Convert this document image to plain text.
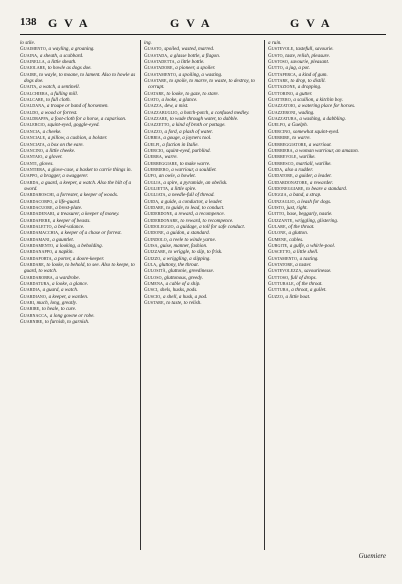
138 G V A	G V A	G V A

lo stile.

Guaimento, a wayling, a groaning.

Guaina, a sheath, a scabbard.

Guainella, a little sheath.

Guaiolare, to howle as dogs doe.

Guaire, to wayle, to moane, to lament. Also to howle as dogs doe.

Guaita, a watch, a sentinell.

Gualchiera, a fulling mill.

Gualcare, to full cloth.

Gualdana, a troupe or band of horsemen.

Gualdo, a wood or forrest.

Gualdrappa, a foot-cloth for a horse, a caparison.

Gualercio, squint-eyed, goggle-eyed.

Guancia, a cheeke.

Guanciale, a pillow, a cushion, a bolster.

Guanciata, a box on the eare.

Guancino, a little cheeke.

Guantaio, a glover.

Guanti, gloves.

Guantiera, a glove-case, a basket to carrie things in.

Guappo, a bragger, a swaggerer.

Guarda, a guard, a keeper, a watch. Also the hilt of a sword.

Guardaboschi, a forrester, a keeper of woods.

Guardacorpo, a life-guard.

Guardacuore, a brest-plate.

Guardadenari, a treasurer, a keeper of money.

Guardafiere, a keeper of beasts.

Guardaletto, a bed-valance.

Guardamacchia, a keeper of a chase or forrest.

Guardamani, a gauntlet.

Guardamento, a looking, a beholding.

Guardanappo, a napkin.

Guardaporta, a porter, a doore-keeper.

Guardare, to looke, to behold, to see. Also to keepe, to guard, to watch.

Guardarobba, a wardrobe.

Guardatura, a looke, a glance.

Guardia, a guard, a watch.

Guardiano, a keeper, a warden.

Guari, much, long, greatly.

Guarire, to heale, to cure.

Guarnacca, a long gowne or robe.

Guarnire, to furnish, to garnish.

ing.

Guasto, spoiled, wasted, marred.

Guastada, a glasse bottle, a flagon.

Guastadetta, a little bottle.

Guastadore, a pioneer, a spoiler.

Guastamento, a spoiling, a wasting.

Guastare, to spoile, to marre, to waste, to destroy, to corrupt.

Guatare, to looke, to gaze, to stare.

Guato, a looke, a glance.

Guazza, dew, a mist.

Guazzabuglio, a hotch-potch, a confused medley.

Guazzare, to wade through water, to dabble.

Guazzetto, a kind of broth or pottage.

Guazzo, a ford, a plash of water.

Gubbia, a gouge, a joyners tool.

Guelfi, a faction in Italie.

Guercio, squint-eyed, purblind.

Guerra, warre.

Guerreggiare, to make warre.

Guerriero, a warriour, a souldier.

Gufo, an owle, a howlet.

Guglia, a spire, a pyramide, an obelisk.

Guglietta, a little spire.

Gugliata, a needle-full of thread.

Guida, a guide, a conductor, a leader.

Guidare, to guide, to lead, to conduct.

Guiderdone, a reward, a recompence.

Guiderdonare, to reward, to recompence.

Guidoleggio, a guidage, a toll for safe conduct.

Guidone, a guidon, a standard.

Guindolo, a reele to winde yarne.

Guisa, guise, manner, fashion.

Guizzare, to wriggle, to slip, to frisk.

Guizzo, a wriggling, a slipping.

Gula, gluttony, the throat.

Gulosità, gluttonie, greedinesse.

Guloso, gluttonous, greedy.

Gumena, a cable of a ship.

Gusci, shels, husks, pods.

Guscio, a shell, a husk, a pod.

Gustare, to taste, to relish.

a ruin.

Gustevole, tastefull, savourie.

Gusto, taste, relish, pleasure.

Gustoso, savourie, pleasant.

Gutto, a jug, a pot.

Guttaperca, a kind of gum.

Guttare, to drop, to distill.

Guttazione, a dropping.

Guttorino, a gutter.

Guattero, a scullion, a kitchin boy.

Guazzatoio, a watering place for horses.

Guazzeroni, wading.

Guazzatura, a washing, a dabbling.

Guelfo, a Guelph.

Guercino, somewhat squint-eyed.

Guerrire, to warre.

Guerreggiatore, a warriour.

Guerriera, a woman warriour, an amazon.

Guerrevole, warlike.

Guerresco, martiall, warlike.

Guida, also a rudder.

Guidatore, a guider, a leader.

Guidardonatore, a rewarder.

Guidoneggiare, to beare a standard.

Guiggia, a band, a strap.

Guinzaglio, a leash for dogs.

Guisto, just, right.

Guitto, base, beggarly, nastie.

Guizzante, wriggling, glistering.

Gulare, of the throat.

Gulone, a glutton.

Gumene, cables.

Gurgite, a gulfe, a whirle-pool.

Guscetto, a little shell.

Gustamento, a tasting.

Gustatore, a taster.

Gustevolezza, savourinesse.

Guttoso, full of drops.

Gutturale, of the throat.

Guttura, a throat, a gullet.

Guzzo, a little boat.

Guemiere
